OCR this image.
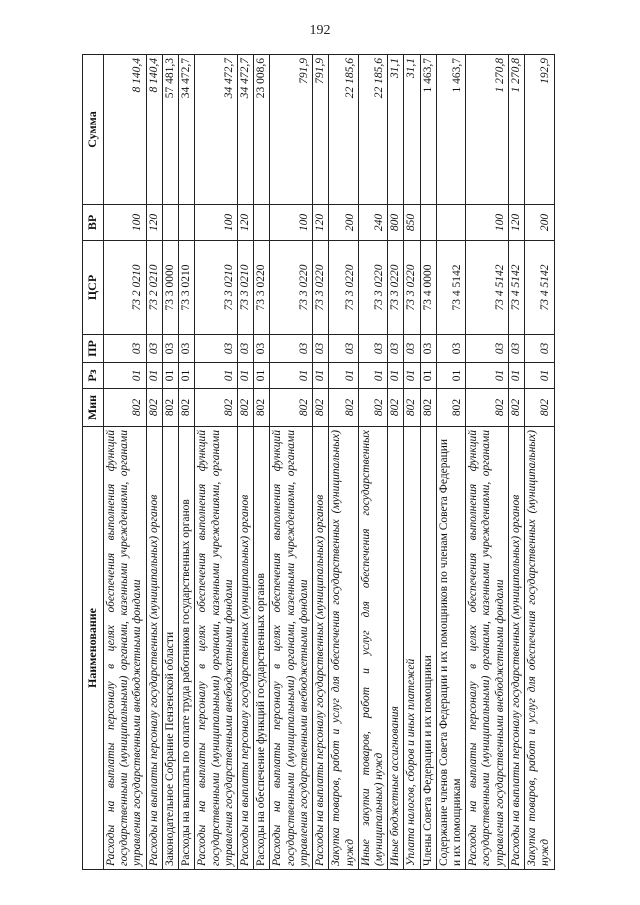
192
Наименование	Мин	Рз	ПР	ЦСР	ВР	Сумма
Расходы на выплаты персоналу в целях обеспечения выполнения функций государственными (муниципальными) органами, казенными учреждениями, органами управления государственными внебюджетными фондами	802	01	03	73 2 0210	100	8 140,4
Расходы на выплаты персоналу государственных (муниципальных) органов	802	01	03	73 2 0210	120	8 140,4
Законодательное Собрание Пензенской области	802	01	03	73 3 0000		57 481,3
Расходы на выплаты по оплате труда работников государственных органов	802	01	03	73 3 0210		34 472,7
Расходы на выплаты персоналу в целях обеспечения выполнения функций государственными (муниципальными) органами, казенными учреждениями, органами управления государственными внебюджетными фондами	802	01	03	73 3 0210	100	34 472,7
Расходы на выплаты персоналу государственных (муниципальных) органов	802	01	03	73 3 0210	120	34 472,7
Расходы на обеспечение функций государственных органов	802	01	03	73 3 0220		23 008,6
Расходы на выплаты персоналу в целях обеспечения выполнения функций государственными (муниципальными) органами, казенными учреждениями, органами управления государственными внебюджетными фондами	802	01	03	73 3 0220	100	791,9
Расходы на выплаты персоналу государственных (муниципальных) органов	802	01	03	73 3 0220	120	791,9
Закупка товаров, работ и услуг для обеспечения государственных (муниципальных) нужд	802	01	03	73 3 0220	200	22 185,6
Иные закупки товаров, работ и услуг для обеспечения государственных (муниципальных) нужд	802	01	03	73 3 0220	240	22 185,6
Иные бюджетные ассигнования	802	01	03	73 3 0220	800	31,1
Уплата налогов, сборов и иных платежей	802	01	03	73 3 0220	850	31,1
Члены Совета Федерации и их помощники	802	01	03	73 4 0000		1 463,7
Содержание членов Совета Федерации и их помощников по членам Совета Федерации и их помощникам	802	01	03	73 4 5142		1 463,7
Расходы на выплаты персоналу в целях обеспечения выполнения функций государственными (муниципальными) органами, казенными учреждениями, органами управления государственными внебюджетными фондами	802	01	03	73 4 5142	100	1 270,8
Расходы на выплаты персоналу государственных (муниципальных) органов	802	01	03	73 4 5142	120	1 270,8
Закупка товаров, работ и услуг для обеспечения государственных (муниципальных) нужд	802	01	03	73 4 5142	200	192,9
